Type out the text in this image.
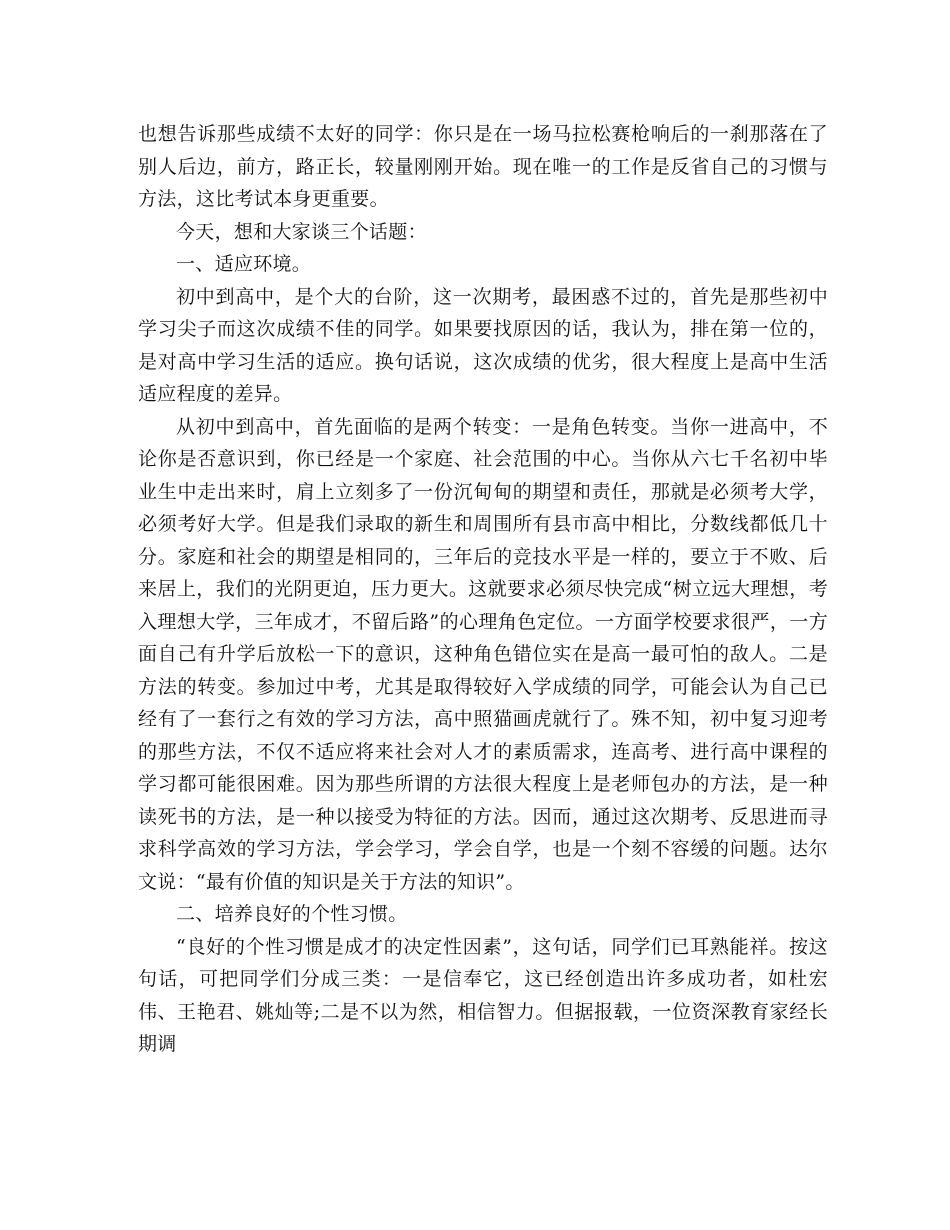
也想告诉那些成绩不太好的同学：你只是在一场马拉松赛枪响后的一刹那落在了别人后边，前方，路正长，较量刚刚开始。现在唯一的工作是反省自己的习惯与方法，这比考试本身更重要。

今天，想和大家谈三个话题：

一、适应环境。

初中到高中，是个大的台阶，这一次期考，最困惑不过的，首先是那些初中学习尖子而这次成绩不佳的同学。如果要找原因的话，我认为，排在第一位的，是对高中学习生活的适应。换句话说，这次成绩的优劣，很大程度上是高中生活适应程度的差异。

从初中到高中，首先面临的是两个转变：一是角色转变。当你一进高中，不论你是否意识到，你已经是一个家庭、社会范围的中心。当你从六七千名初中毕业生中走出来时，肩上立刻多了一份沉甸甸的期望和责任，那就是必须考大学，必须考好大学。但是我们录取的新生和周围所有县市高中相比，分数线都低几十分。家庭和社会的期望是相同的，三年后的竞技水平是一样的，要立于不败、后来居上，我们的光阴更迫，压力更大。这就要求必须尽快完成“树立远大理想，考入理想大学，三年成才，不留后路”的心理角色定位。一方面学校要求很严，一方面自己有升学后放松一下的意识，这种角色错位实在是高一最可怕的敌人。二是方法的转变。参加过中考，尤其是取得较好入学成绩的同学，可能会认为自己已经有了一套行之有效的学习方法，高中照猫画虎就行了。殊不知，初中复习迎考的那些方法，不仅不适应将来社会对人才的素质需求，连高考、进行高中课程的学习都可能很困难。因为那些所谓的方法很大程度上是老师包办的方法，是一种读死书的方法，是一种以接受为特征的方法。因而，通过这次期考、反思进而寻求科学高效的学习方法，学会学习，学会自学，也是一个刻不容缓的问题。达尔文说：“最有价值的知识是关于方法的知识”。

二、培养良好的个性习惯。

“良好的个性习惯是成才的决定性因素”，这句话，同学们已耳熟能祥。按这句话，可把同学们分成三类：一是信奉它，这已经创造出许多成功者，如杜宏伟、王艳君、姚灿等;二是不以为然，相信智力。但据报载，一位资深教育家经长期调
